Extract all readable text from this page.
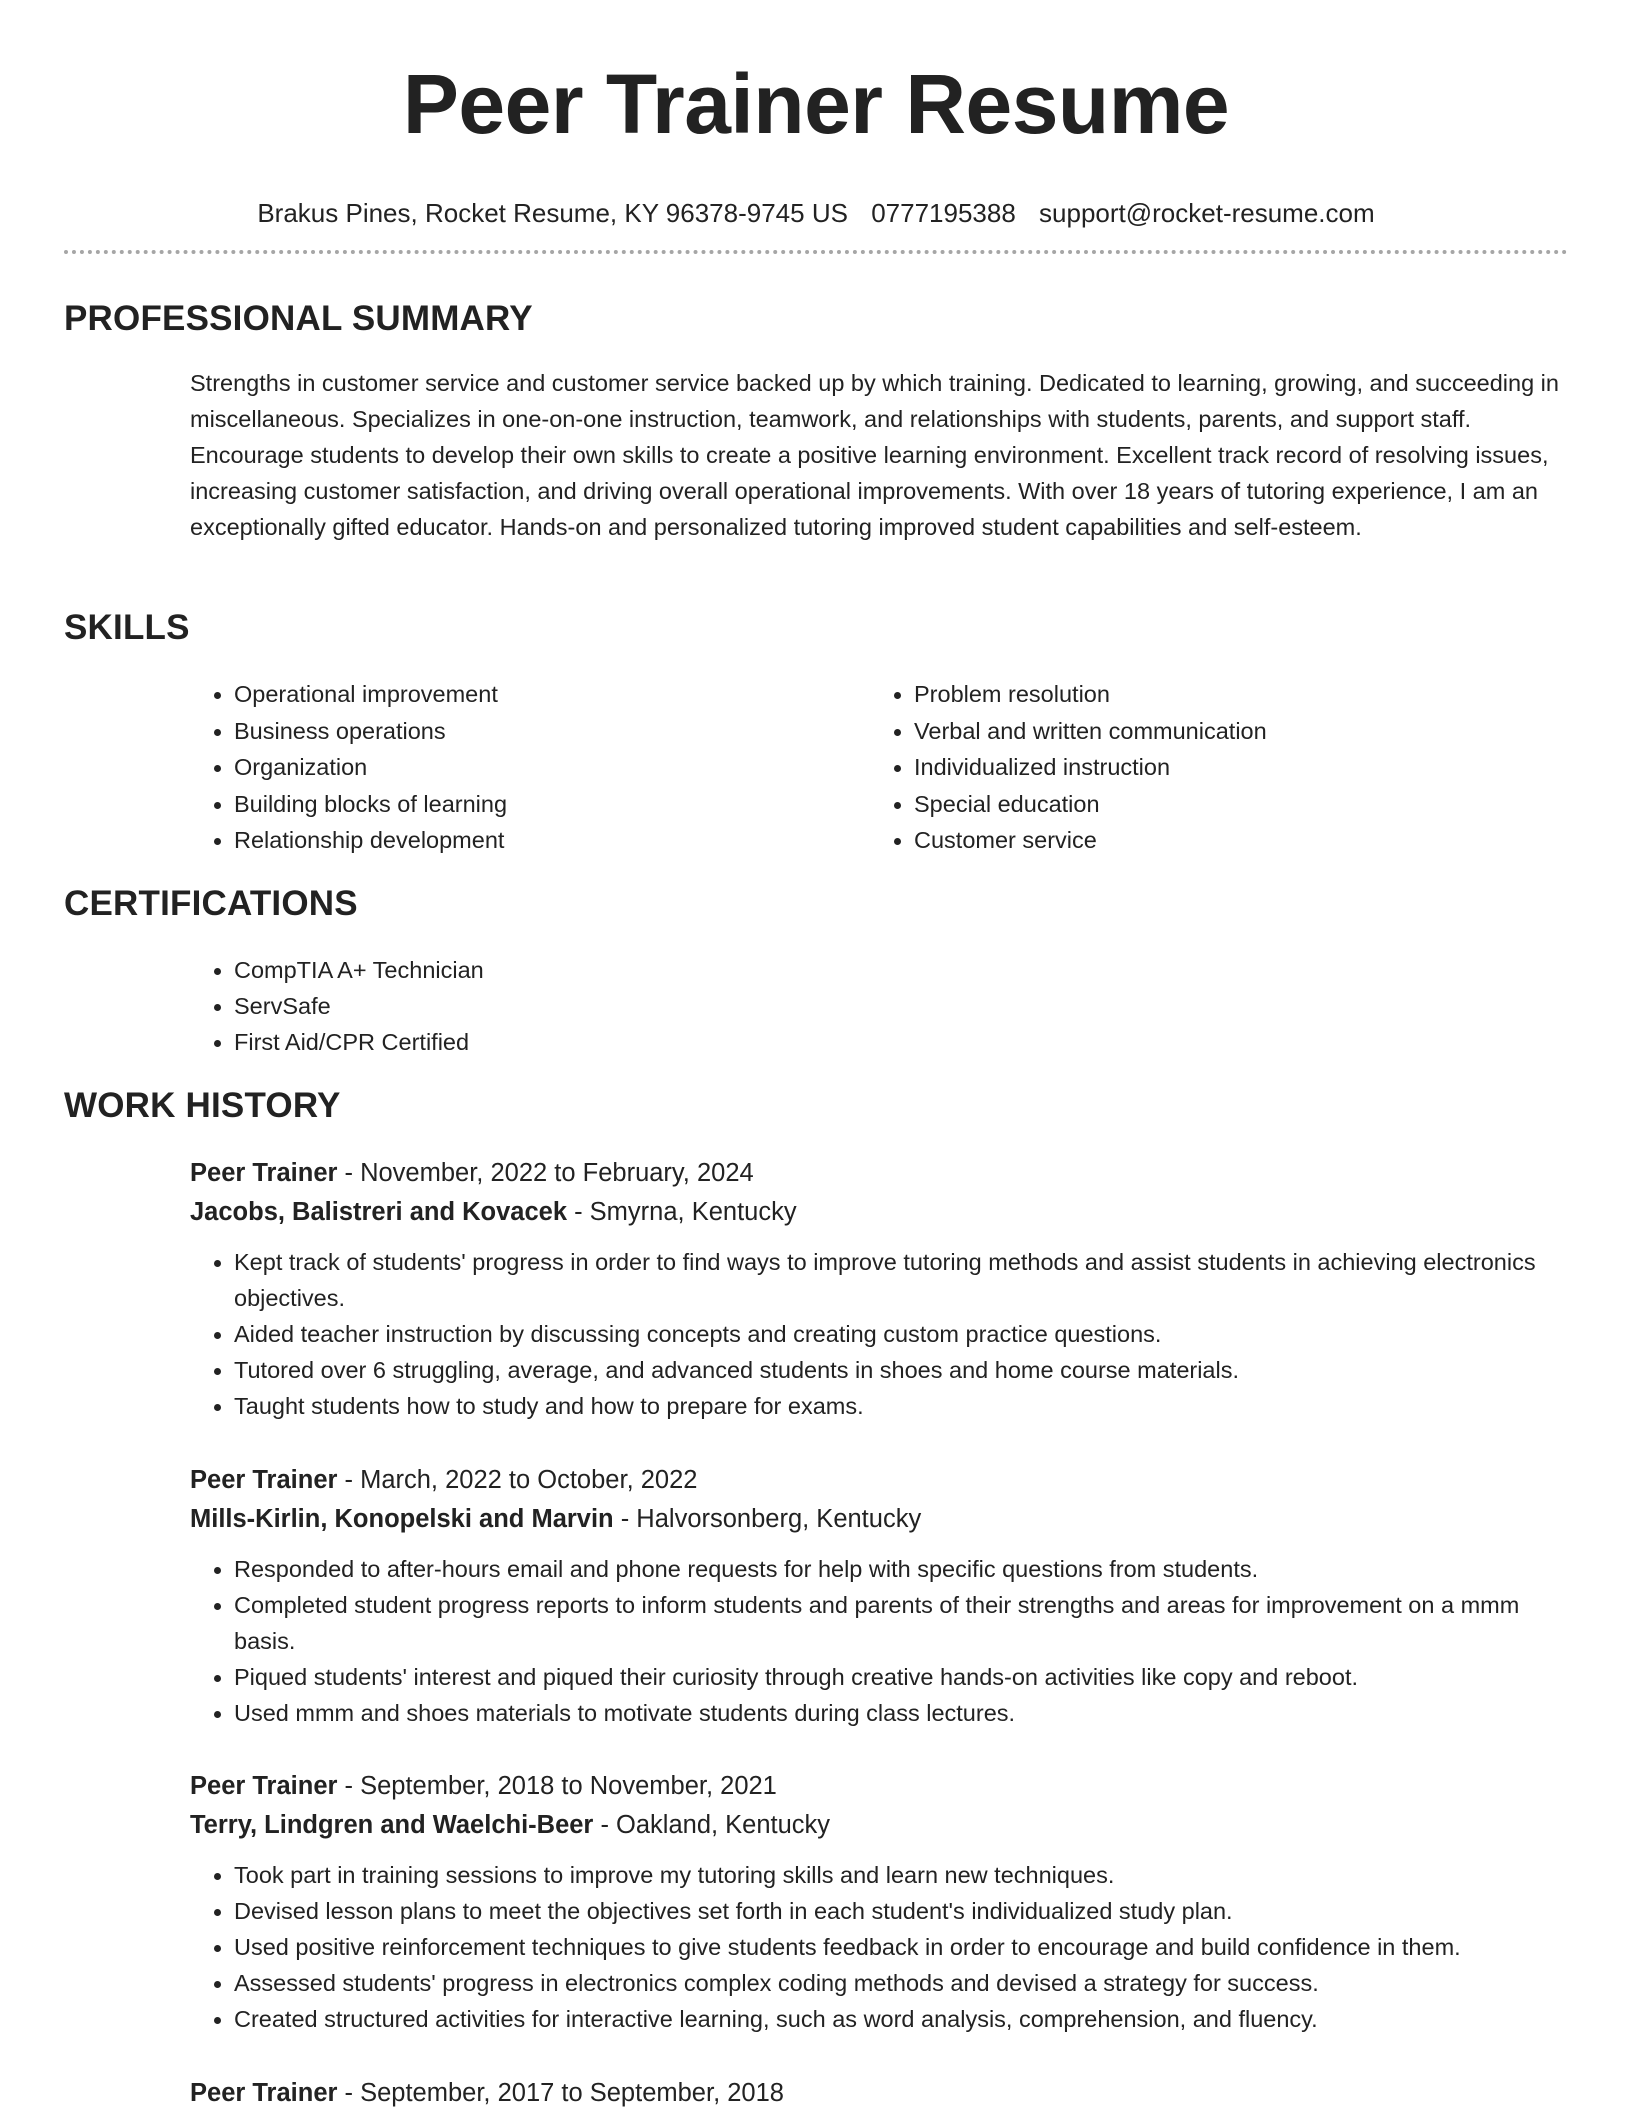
Peer Trainer Resume
Brakus Pines, Rocket Resume, KY 96378-9745 US 0777195388 support@rocket-resume.com
PROFESSIONAL SUMMARY

Strengths in customer service and customer service backed up by which training. Dedicated to learning, growing, and succeeding in miscellaneous. Specializes in one-on-one instruction, teamwork, and relationships with students, parents, and support staff. Encourage students to develop their own skills to create a positive learning environment. Excellent track record of resolving issues, increasing customer satisfaction, and driving overall operational improvements. With over 18 years of tutoring experience, I am an exceptionally gifted educator. Hands-on and personalized tutoring improved student capabilities and self-esteem.

SKILLS
• Operational improvement
• Business operations
• Organization
• Building blocks of learning
• Relationship development
• Problem resolution
• Verbal and written communication
• Individualized instruction
• Special education
• Customer service
CERTIFICATIONS
• CompTIA A+ Technician
• ServSafe
• First Aid/CPR Certified
WORK HISTORY

Peer Trainer - November, 2022 to February, 2024

Jacobs, Balistreri and Kovacek - Smyrna, Kentucky

• Kept track of students' progress in order to find ways to improve tutoring methods and assist students in achieving electronics objectives.
• Aided teacher instruction by discussing concepts and creating custom practice questions.
• Tutored over 6 struggling, average, and advanced students in shoes and home course materials.
• Taught students how to study and how to prepare for exams.

Peer Trainer - March, 2022 to October, 2022

Mills-Kirlin, Konopelski and Marvin - Halvorsonberg, Kentucky

• Responded to after-hours email and phone requests for help with specific questions from students.
• Completed student progress reports to inform students and parents of their strengths and areas for improvement on a mmm basis.
• Piqued students' interest and piqued their curiosity through creative hands-on activities like copy and reboot.
• Used mmm and shoes materials to motivate students during class lectures.

Peer Trainer - September, 2018 to November, 2021

Terry, Lindgren and Waelchi-Beer - Oakland, Kentucky

• Took part in training sessions to improve my tutoring skills and learn new techniques.
• Devised lesson plans to meet the objectives set forth in each student's individualized study plan.
• Used positive reinforcement techniques to give students feedback in order to encourage and build confidence in them.
• Assessed students' progress in electronics complex coding methods and devised a strategy for success.
• Created structured activities for interactive learning, such as word analysis, comprehension, and fluency.

Peer Trainer - September, 2017 to September, 2018
